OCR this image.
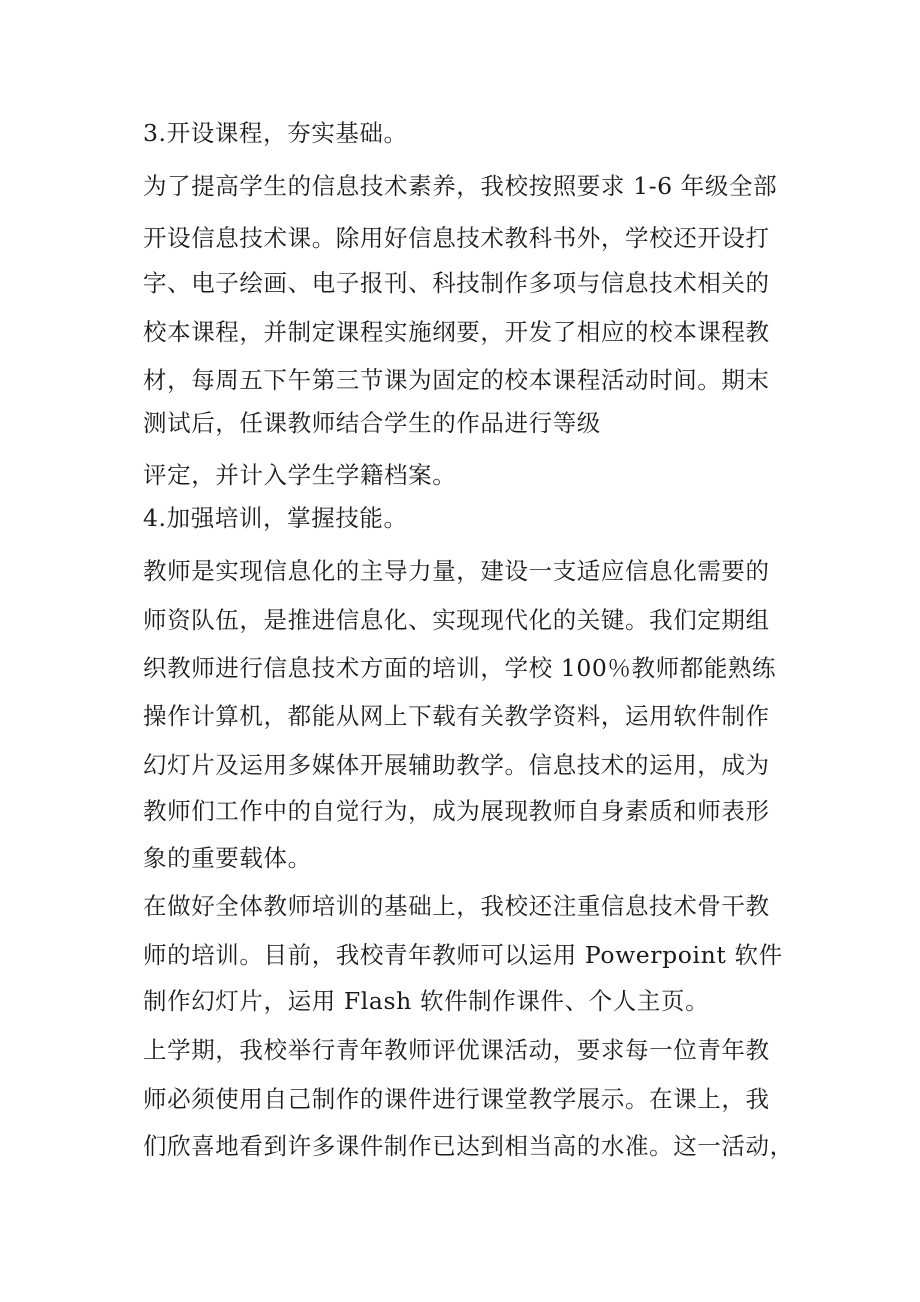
3.开设课程，夯实基础。
为了提高学生的信息技术素养，我校按照要求 1-6 年级全部
开设信息技术课。除用好信息技术教科书外，学校还开设打
字、电子绘画、电子报刊、科技制作多项与信息技术相关的
校本课程，并制定课程实施纲要，开发了相应的校本课程教
材，每周五下午第三节课为固定的校本课程活动时间。期末
测试后，任课教师结合学生的作品进行等级
评定，并计入学生学籍档案。
4.加强培训，掌握技能。
教师是实现信息化的主导力量，建设一支适应信息化需要的
师资队伍，是推进信息化、实现现代化的关键。我们定期组
织教师进行信息技术方面的培训，学校 100％教师都能熟练
操作计算机，都能从网上下载有关教学资料，运用软件制作
幻灯片及运用多媒体开展辅助教学。信息技术的运用，成为
教师们工作中的自觉行为，成为展现教师自身素质和师表形
象的重要载体。
在做好全体教师培训的基础上，我校还注重信息技术骨干教
师的培训。目前，我校青年教师可以运用 Powerpoint 软件
制作幻灯片，运用 Flash 软件制作课件、个人主页。
上学期，我校举行青年教师评优课活动，要求每一位青年教
师必须使用自己制作的课件进行课堂教学展示。在课上，我
们欣喜地看到许多课件制作已达到相当高的水准。这一活动，
